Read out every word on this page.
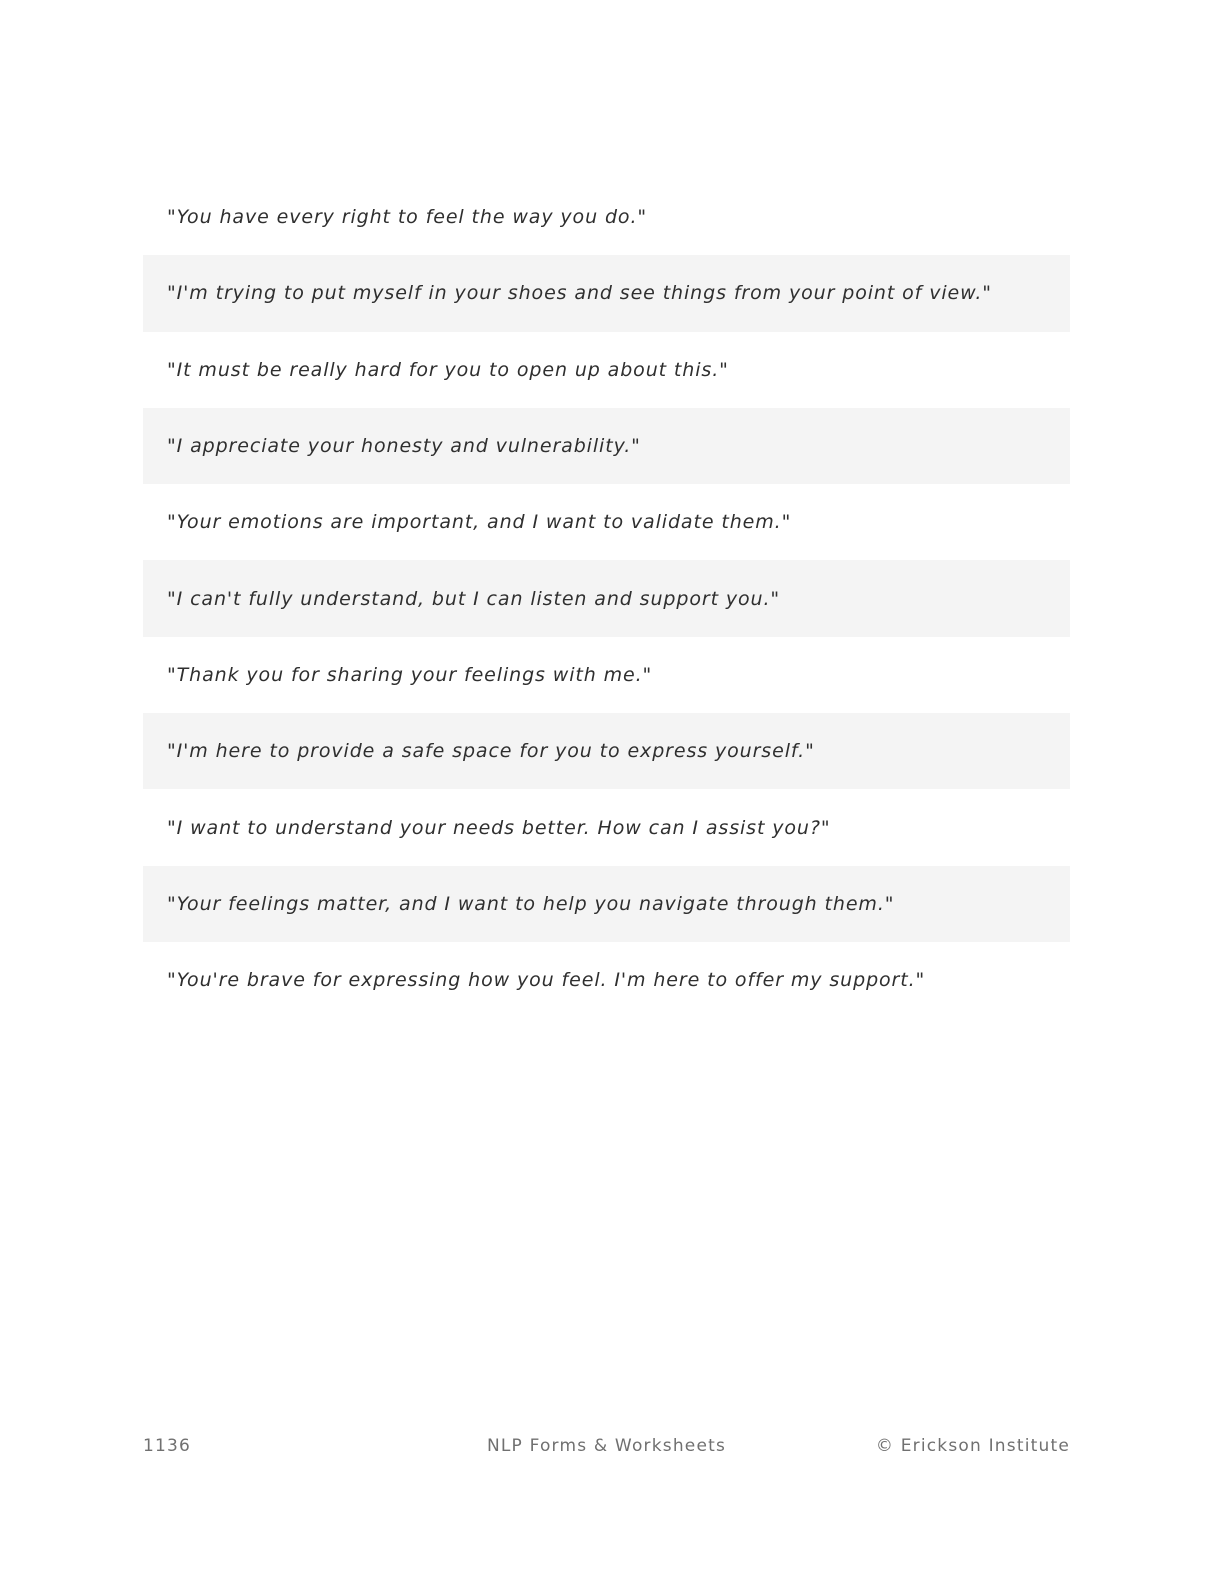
"You have every right to feel the way you do."
"I'm trying to put myself in your shoes and see things from your point of view."
"It must be really hard for you to open up about this."
"I appreciate your honesty and vulnerability."
"Your emotions are important, and I want to validate them."
"I can't fully understand, but I can listen and support you."
"Thank you for sharing your feelings with me."
"I'm here to provide a safe space for you to express yourself."
"I want to understand your needs better. How can I assist you?"
"Your feelings matter, and I want to help you navigate through them."
"You're brave for expressing how you feel. I'm here to offer my support."
1136	NLP Forms & Worksheets	© Erickson Institute
